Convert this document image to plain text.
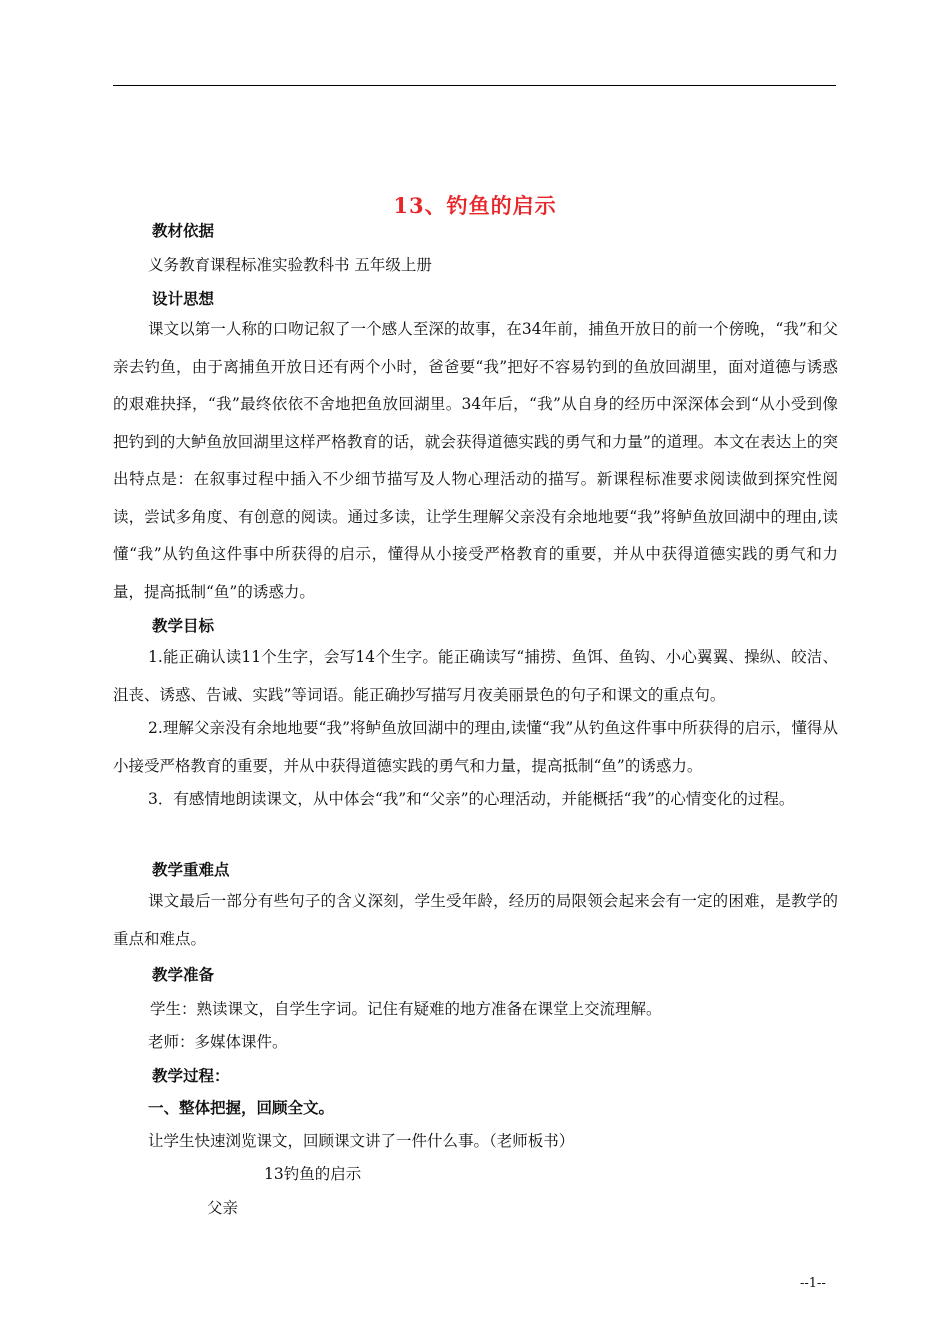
13、钓鱼的启示
教材依据
义务教育课程标准实验教科书 五年级上册
设计思想
课文以第一人称的口吻记叙了一个感人至深的故事，在34年前，捕鱼开放日的前一个傍晚，“我”和父亲去钓鱼，由于离捕鱼开放日还有两个小时，爸爸要“我”把好不容易钓到的鱼放回湖里，面对道德与诱惑的艰难抉择，“我”最终依依不舍地把鱼放回湖里。34年后，“我”从自身的经历中深深体会到“从小受到像把钓到的大鲈鱼放回湖里这样严格教育的话，就会获得道德实践的勇气和力量”的道理。本文在表达上的突出特点是：在叙事过程中插入不少细节描写及人物心理活动的描写。新课程标准要求阅读做到探究性阅读，尝试多角度、有创意的阅读。通过多读，让学生理解父亲没有余地地要“我”将鲈鱼放回湖中的理由,读懂“我”从钓鱼这件事中所获得的启示，懂得从小接受严格教育的重要，并从中获得道德实践的勇气和力量，提高抵制“鱼”的诱惑力。
教学目标
1.能正确认读11个生字，会写14个生字。能正确读写“捕捞、鱼饵、鱼钩、小心翼翼、操纵、皎洁、沮丧、诱惑、告诫、实践”等词语。能正确抄写描写月夜美丽景色的句子和课文的重点句。
2.理解父亲没有余地地要“我”将鲈鱼放回湖中的理由,读懂“我”从钓鱼这件事中所获得的启示，懂得从小接受严格教育的重要，并从中获得道德实践的勇气和力量，提高抵制“鱼”的诱惑力。
3．有感情地朗读课文，从中体会“我”和“父亲”的心理活动，并能概括“我”的心情变化的过程。
教学重难点
课文最后一部分有些句子的含义深刻，学生受年龄，经历的局限领会起来会有一定的困难，是教学的重点和难点。
教学准备
学生：熟读课文，自学生字词。记住有疑难的地方准备在课堂上交流理解。
老师：多媒体课件。
教学过程：
一、整体把握，回顾全文。
让学生快速浏览课文，回顾课文讲了一件什么事。（老师板书）
13钓鱼的启示
父亲
--1--
